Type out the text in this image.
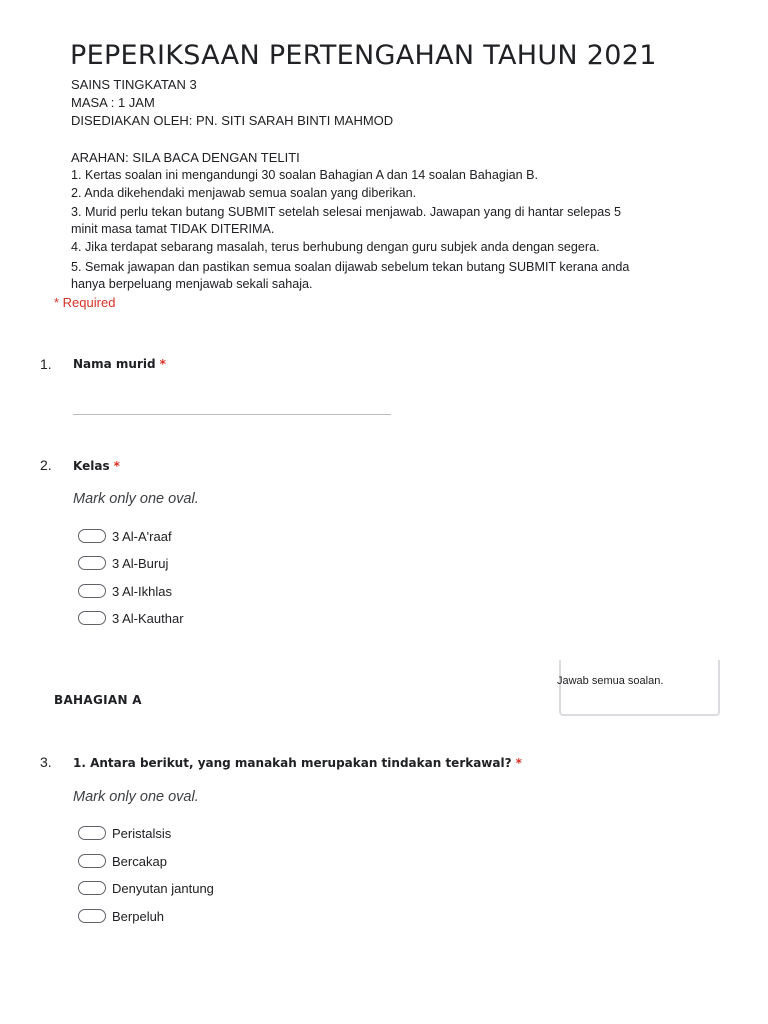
PEPERIKSAAN PERTENGAHAN TAHUN 2021
SAINS TINGKATAN 3
MASA : 1 JAM
DISEDIAKAN OLEH: PN. SITI SARAH BINTI MAHMOD
ARAHAN: SILA BACA DENGAN TELITI
1. Kertas soalan ini mengandungi 30 soalan Bahagian A dan 14 soalan Bahagian B.
2. Anda dikehendaki menjawab semua soalan yang diberikan.
3. Murid perlu tekan butang SUBMIT setelah selesai menjawab. Jawapan yang di hantar selepas 5
minit masa tamat TIDAK DITERIMA.
4. Jika terdapat sebarang masalah, terus berhubung dengan guru subjek anda dengan segera.
5. Semak jawapan dan pastikan semua soalan dijawab sebelum tekan butang SUBMIT kerana anda
hanya berpeluang menjawab sekali sahaja.
* Required
1. Nama murid *
2. Kelas *
Mark only one oval.
3 Al-A'raaf
3 Al-Buruj
3 Al-Ikhlas
3 Al-Kauthar
BAHAGIAN A
Jawab semua soalan.
3. 1. Antara berikut, yang manakah merupakan tindakan terkawal? *
Mark only one oval.
Peristalsis
Bercakap
Denyutan jantung
Berpeluh
